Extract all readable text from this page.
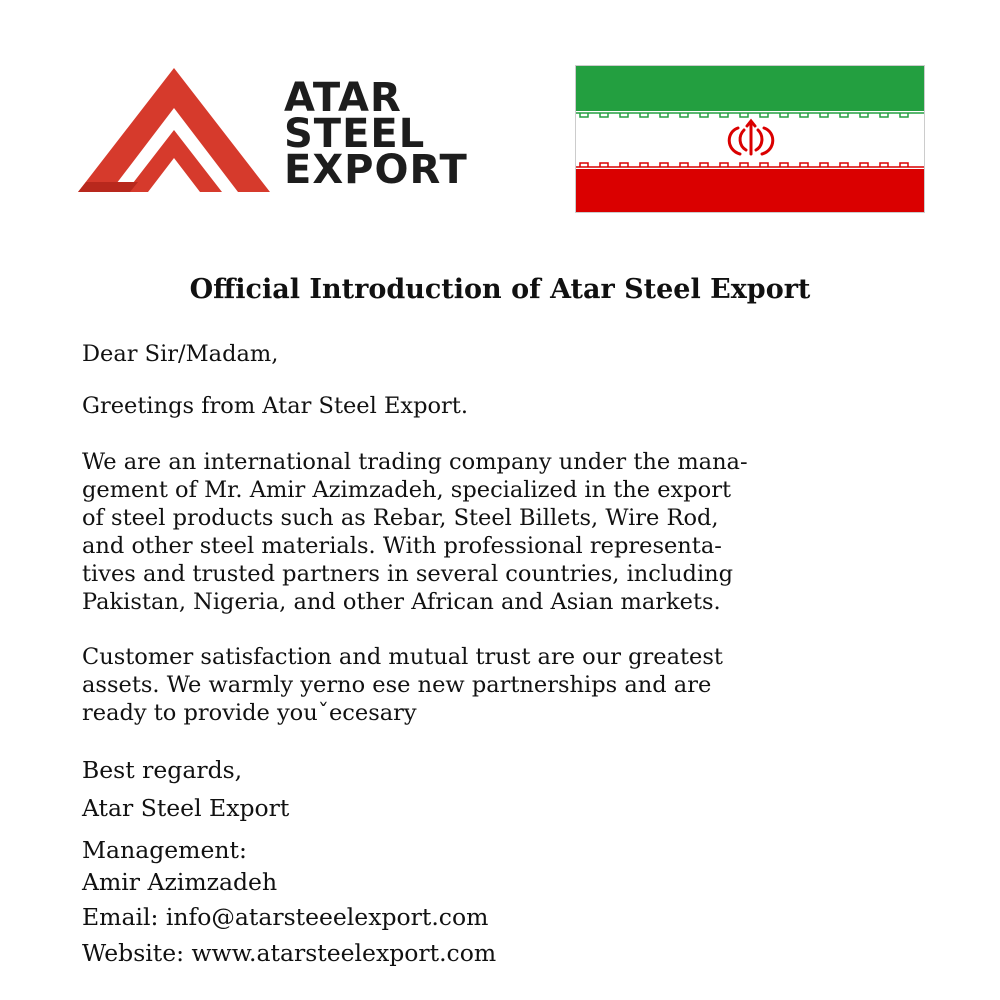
ATAR
STEEL
EXPORT
Official Introduction of Atar Steel Export

Dear Sir/Madam,

Greetings from Atar Steel Export.

We are an international trading company under the mana-
gement of Mr. Amir Azimzadeh, specialized in the export
of steel products such as Rebar, Steel Billets, Wire Rod,
and other steel materials. With professional representa-
tives and trusted partners in several countries, including
Pakistan, Nigeria, and other African and Asian markets.

Customer satisfaction and mutual trust are our greatest
assets. We warmly yerno ese new partnerships and are
ready to provide youˇecesary

Best regards,

Atar Steel Export

Management:

Amir Azimzadeh

Email: info@atarsteeelexport.com

Website: www.atarsteelexport.com
